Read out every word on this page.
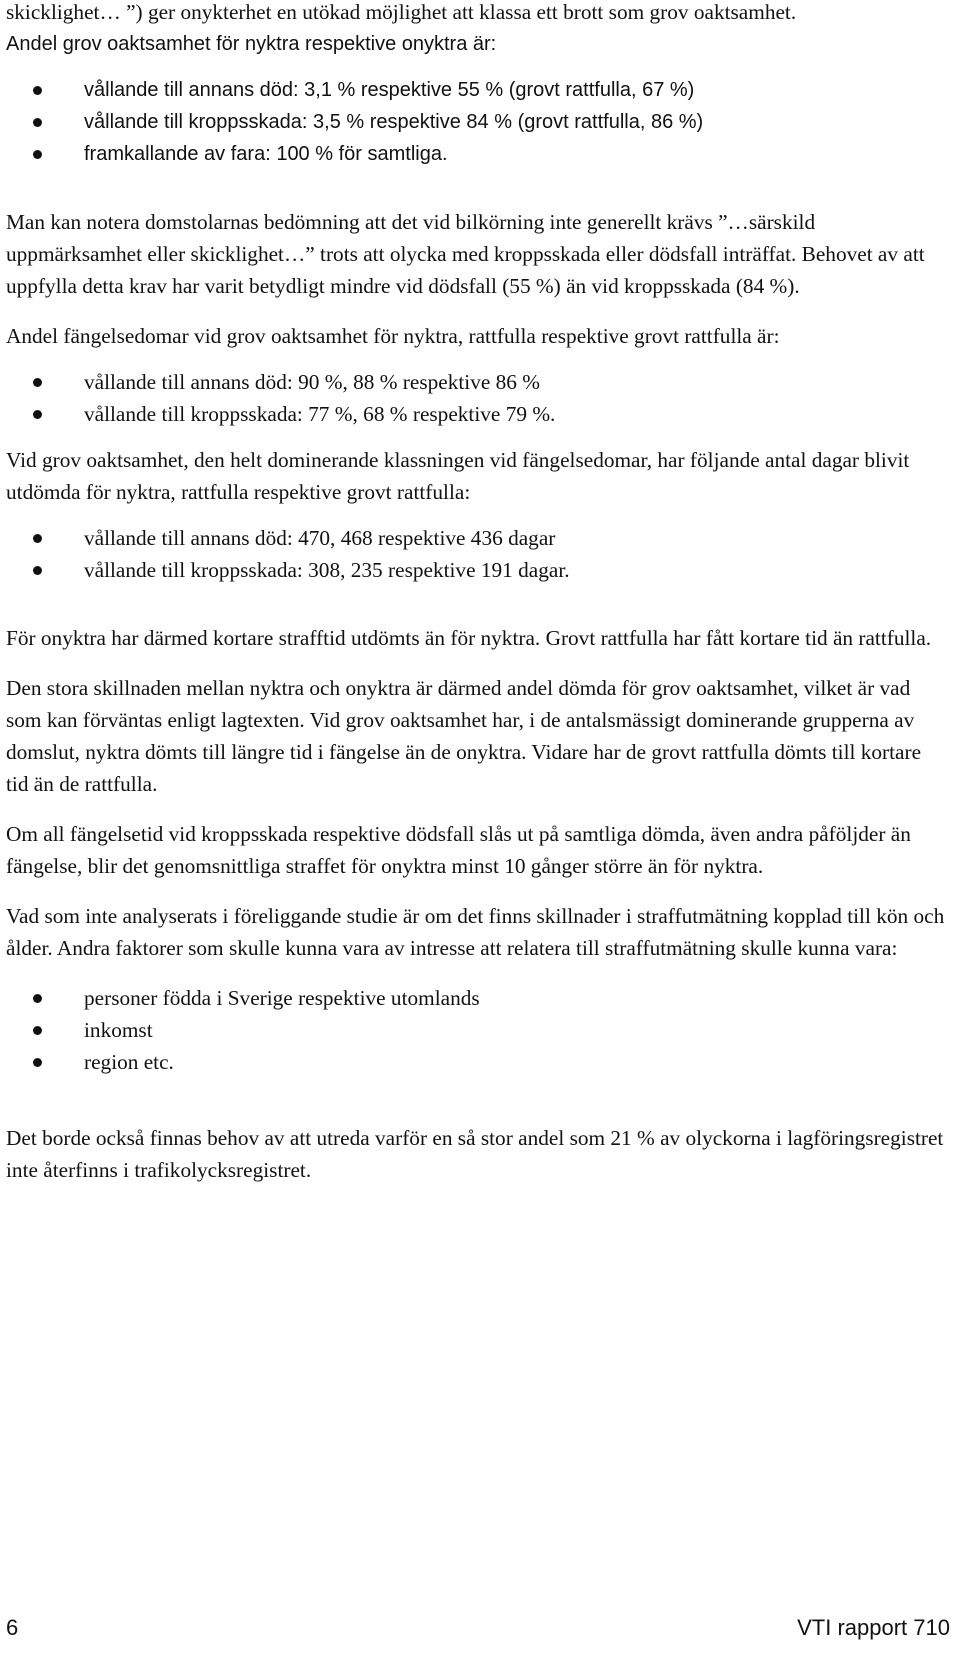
skicklighet… ”) ger onykterhet en utökad möjlighet att klassa ett brott som grov oaktsamhet.

Andel grov oaktsamhet för nyktra respektive onyktra är:

vållande till annans död: 3,1 % respektive 55 % (grovt rattfulla, 67 %)
vållande till kroppsskada: 3,5 % respektive 84 % (grovt rattfulla, 86 %)
framkallande av fara: 100 % för samtliga.

Man kan notera domstolarnas bedömning att det vid bilkörning inte generellt krävs ”…särskild uppmärksamhet eller skicklighet…” trots att olycka med kroppsskada eller dödsfall inträffat. Behovet av att uppfylla detta krav har varit betydligt mindre vid dödsfall (55 %) än vid kroppsskada (84 %).

Andel fängelsedomar vid grov oaktsamhet för nyktra, rattfulla respektive grovt rattfulla är:

vållande till annans död: 90 %, 88 % respektive 86 %
vållande till kroppsskada: 77 %, 68 % respektive 79 %.

Vid grov oaktsamhet, den helt dominerande klassningen vid fängelsedomar, har följande antal dagar blivit utdömda för nyktra, rattfulla respektive grovt rattfulla:

vållande till annans död: 470, 468 respektive 436 dagar
vållande till kroppsskada: 308, 235 respektive 191 dagar.

För onyktra har därmed kortare strafftid utdömts än för nyktra. Grovt rattfulla har fått kortare tid än rattfulla.

Den stora skillnaden mellan nyktra och onyktra är därmed andel dömda för grov oaktsamhet, vilket är vad som kan förväntas enligt lagtexten. Vid grov oaktsamhet har, i de antalsmässigt dominerande grupperna av domslut, nyktra dömts till längre tid i fängelse än de onyktra. Vidare har de grovt rattfulla dömts till kortare tid än de rattfulla.

Om all fängelsetid vid kroppsskada respektive dödsfall slås ut på samtliga dömda, även andra påföljder än fängelse, blir det genomsnittliga straffet för onyktra minst 10 gånger större än för nyktra.

Vad som inte analyserats i föreliggande studie är om det finns skillnader i straffutmätning kopplad till kön och ålder. Andra faktorer som skulle kunna vara av intresse att relatera till straffutmätning skulle kunna vara:

personer födda i Sverige respektive utomlands
inkomst
region etc.

Det borde också finnas behov av att utreda varför en så stor andel som 21 % av olyckorna i lagföringsregistret inte återfinns i trafikolycksregistret.

6	VTI rapport 710
